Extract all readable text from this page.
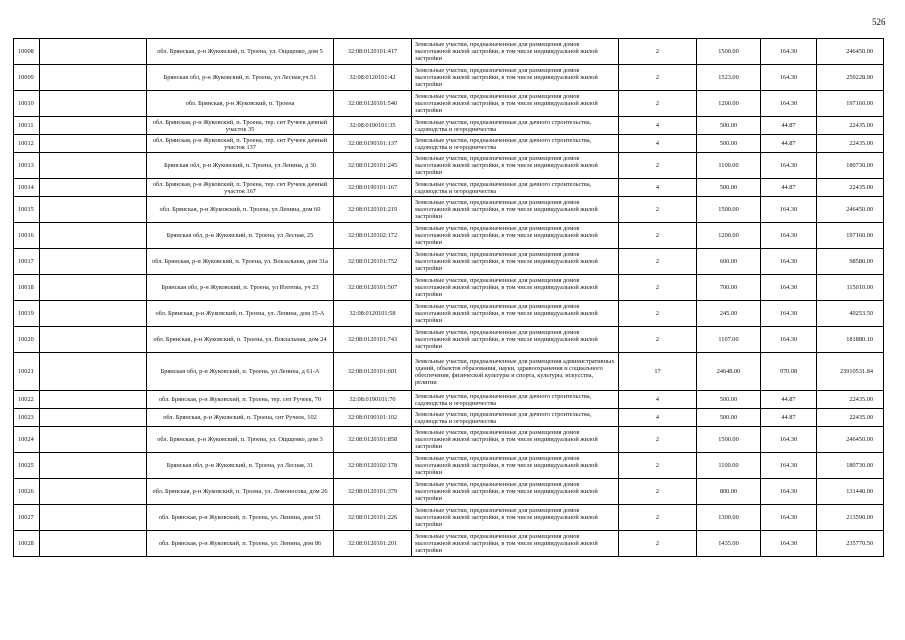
526
10008		обл. Брянская, р-н Жуковский, п. Троена, ул. Ощщенко, дом 5	32:08:0120101:417	Земельные участки, предназначенные для размещения домов малоэтажной жилой застройки, в том числе индивидуальной жилой застройки	2	1500.00	164.30	246450.00
10009		Брянская обл, р-н Жуковский, п. Троена, ул Лесная,уч.51	32:08:0120101:42	Земельные участки, предназначенные для размещения домов малоэтажной жилой застройки, в том числе индивидуальной жилой застройки	2	1523.00	164.30	250228.90
10010		обл. Брянская, р-н Жуковский, п. Троена	32:08:0120101:540	Земельные участки, предназначенные для размещения домов малоэтажной жилой застройки, в том числе индивидуальной жилой застройки	2	1200.00	164.30	197160.00
10011		обл. Брянская, р-н Жуковский, п. Троена, тер. снт Ручеек дачный участок 35	32:08:0190101:35	Земельные участки, предназначенные для дачного строительства, садоводства и огородничества	4	500.00	44.87	22435.00
10012		обл. Брянская, р-н Жуковский, п. Троена, тер. снт Ручеек дачный участок 137	32:08:0190101:137	Земельные участки, предназначенные для дачного строительства, садоводства и огородничества	4	500.00	44.87	22435.00
10013		Брянская обл, р-н Жуковский, п. Троена, ул Ленина, д 30	32:08:0120101:245	Земельные участки, предназначенные для размещения домов малоэтажной жилой застройки, в том числе индивидуальной жилой застройки	2	1100.00	164.30	180730.00
10014		обл. Брянская, р-н Жуковский, п. Троена, тер. снт Ручеек дачный участок 167	32:08:0190101:167	Земельные участки, предназначенные для дачного строительства, садоводства и огородничества	4	500.00	44.87	22435.00
10015		обл. Брянская, р-н Жуковский, п. Троена, ул Ленина, дом 60	32:08:0120101:219	Земельные участки, предназначенные для размещения домов малоэтажной жилой застройки, в том числе индивидуальной жилой застройки	2	1500.00	164.30	246450.00
10016		Брянская обл, р-н Жуковский, п. Троена, ул Лесная, 25	32:08:0120102:172	Земельные участки, предназначенные для размещения домов малоэтажной жилой застройки, в том числе индивидуальной жилой застройки	2	1200.00	164.30	197160.00
10017		обл. Брянская, р-н Жуковский, п. Троена, ул. Вокзальная, дом 31а	32:08:0120101:752	Земельные участки, предназначенные для размещения домов малоэтажной жилой застройки, в том числе индивидуальной жилой застройки	2	600.00	164.30	98580.00
10018		Брянская обл, р-н Жуковский, п. Троена, ул Изотова, уч 23	32:08:0120101:507	Земельные участки, предназначенные для размещения домов малоэтажной жилой застройки, в том числе индивидуальной жилой застройки	2	700.00	164.30	115010.00
10019		обл. Брянская, р-н Жуковский, п. Троена, ул. Ленина, дом 15-А	32:08:0120101:58	Земельные участки, предназначенные для размещения домов малоэтажной жилой застройки, в том числе индивидуальной жилой застройки	2	245.00	164.30	40253.50
10020		обл. Брянская, р-н Жуковский, п. Троена, ул. Вокзальная, дом 24	32:08:0120101:743	Земельные участки, предназначенные для размещения домов малоэтажной жилой застройки, в том числе индивидуальной жилой застройки	2	1107.00	164.30	181880.10
10021		Брянская обл, р-н Жуковский, п. Троена, ул Ленина, д 61-А	32:08:0120101:601	Земельные участки, предназначенные для размещения административных зданий, объектов образования, науки, здравоохранения и социального обеспечения, физической культуры и спорта, культуры, искусства, религии	17	24648.00	970.08	23910531.84
10022		обл. Брянская, р-н Жуковский, п. Троена, тер. снт Ручеек, 70	32:08:0190101:70	Земельные участки, предназначенные для дачного строительства, садоводства и огородничества	4	500.00	44.87	22435.00
10023		обл. Брянская, р-н Жуковский, п. Троена, снт Ручеек, 102	32:08:0190101:102	Земельные участки, предназначенные для дачного строительства, садоводства и огородничества	4	500.00	44.87	22435.00
10024		обл. Брянская, р-н Жуковский, п. Троена, ул. Ощщенко, дом 3	32:08:0120101:858	Земельные участки, предназначенные для размещения домов малоэтажной жилой застройки, в том числе индивидуальной жилой застройки	2	1500.00	164.30	246450.00
10025		Брянская обл, р-н Жуковский, п. Троена, ул Лесная, 31	32:08:0120102:178	Земельные участки, предназначенные для размещения домов малоэтажной жилой застройки, в том числе индивидуальной жилой застройки	2	1100.00	164.30	180730.00
10026		обл. Брянская, р-н Жуковский, п. Троена, ул. Ломоносова, дом 26	32:08:0120101:379	Земельные участки, предназначенные для размещения домов малоэтажной жилой застройки, в том числе индивидуальной жилой застройки	2	800.00	164.30	131440.00
10027		обл. Брянская, р-н Жуковский, п. Троена, ул. Ленина, дом 51	32:08:0120101:226	Земельные участки, предназначенные для размещения домов малоэтажной жилой застройки, в том числе индивидуальной жилой застройки	2	1300.00	164.30	213590.00
10028		обл. Брянская, р-н Жуковский, п. Троена, ул. Ленина, дом 86	32:08:0120101:201	Земельные участки, предназначенные для размещения домов малоэтажной жилой застройки, в том числе индивидуальной жилой застройки	2	1435.00	164.30	235770.50
